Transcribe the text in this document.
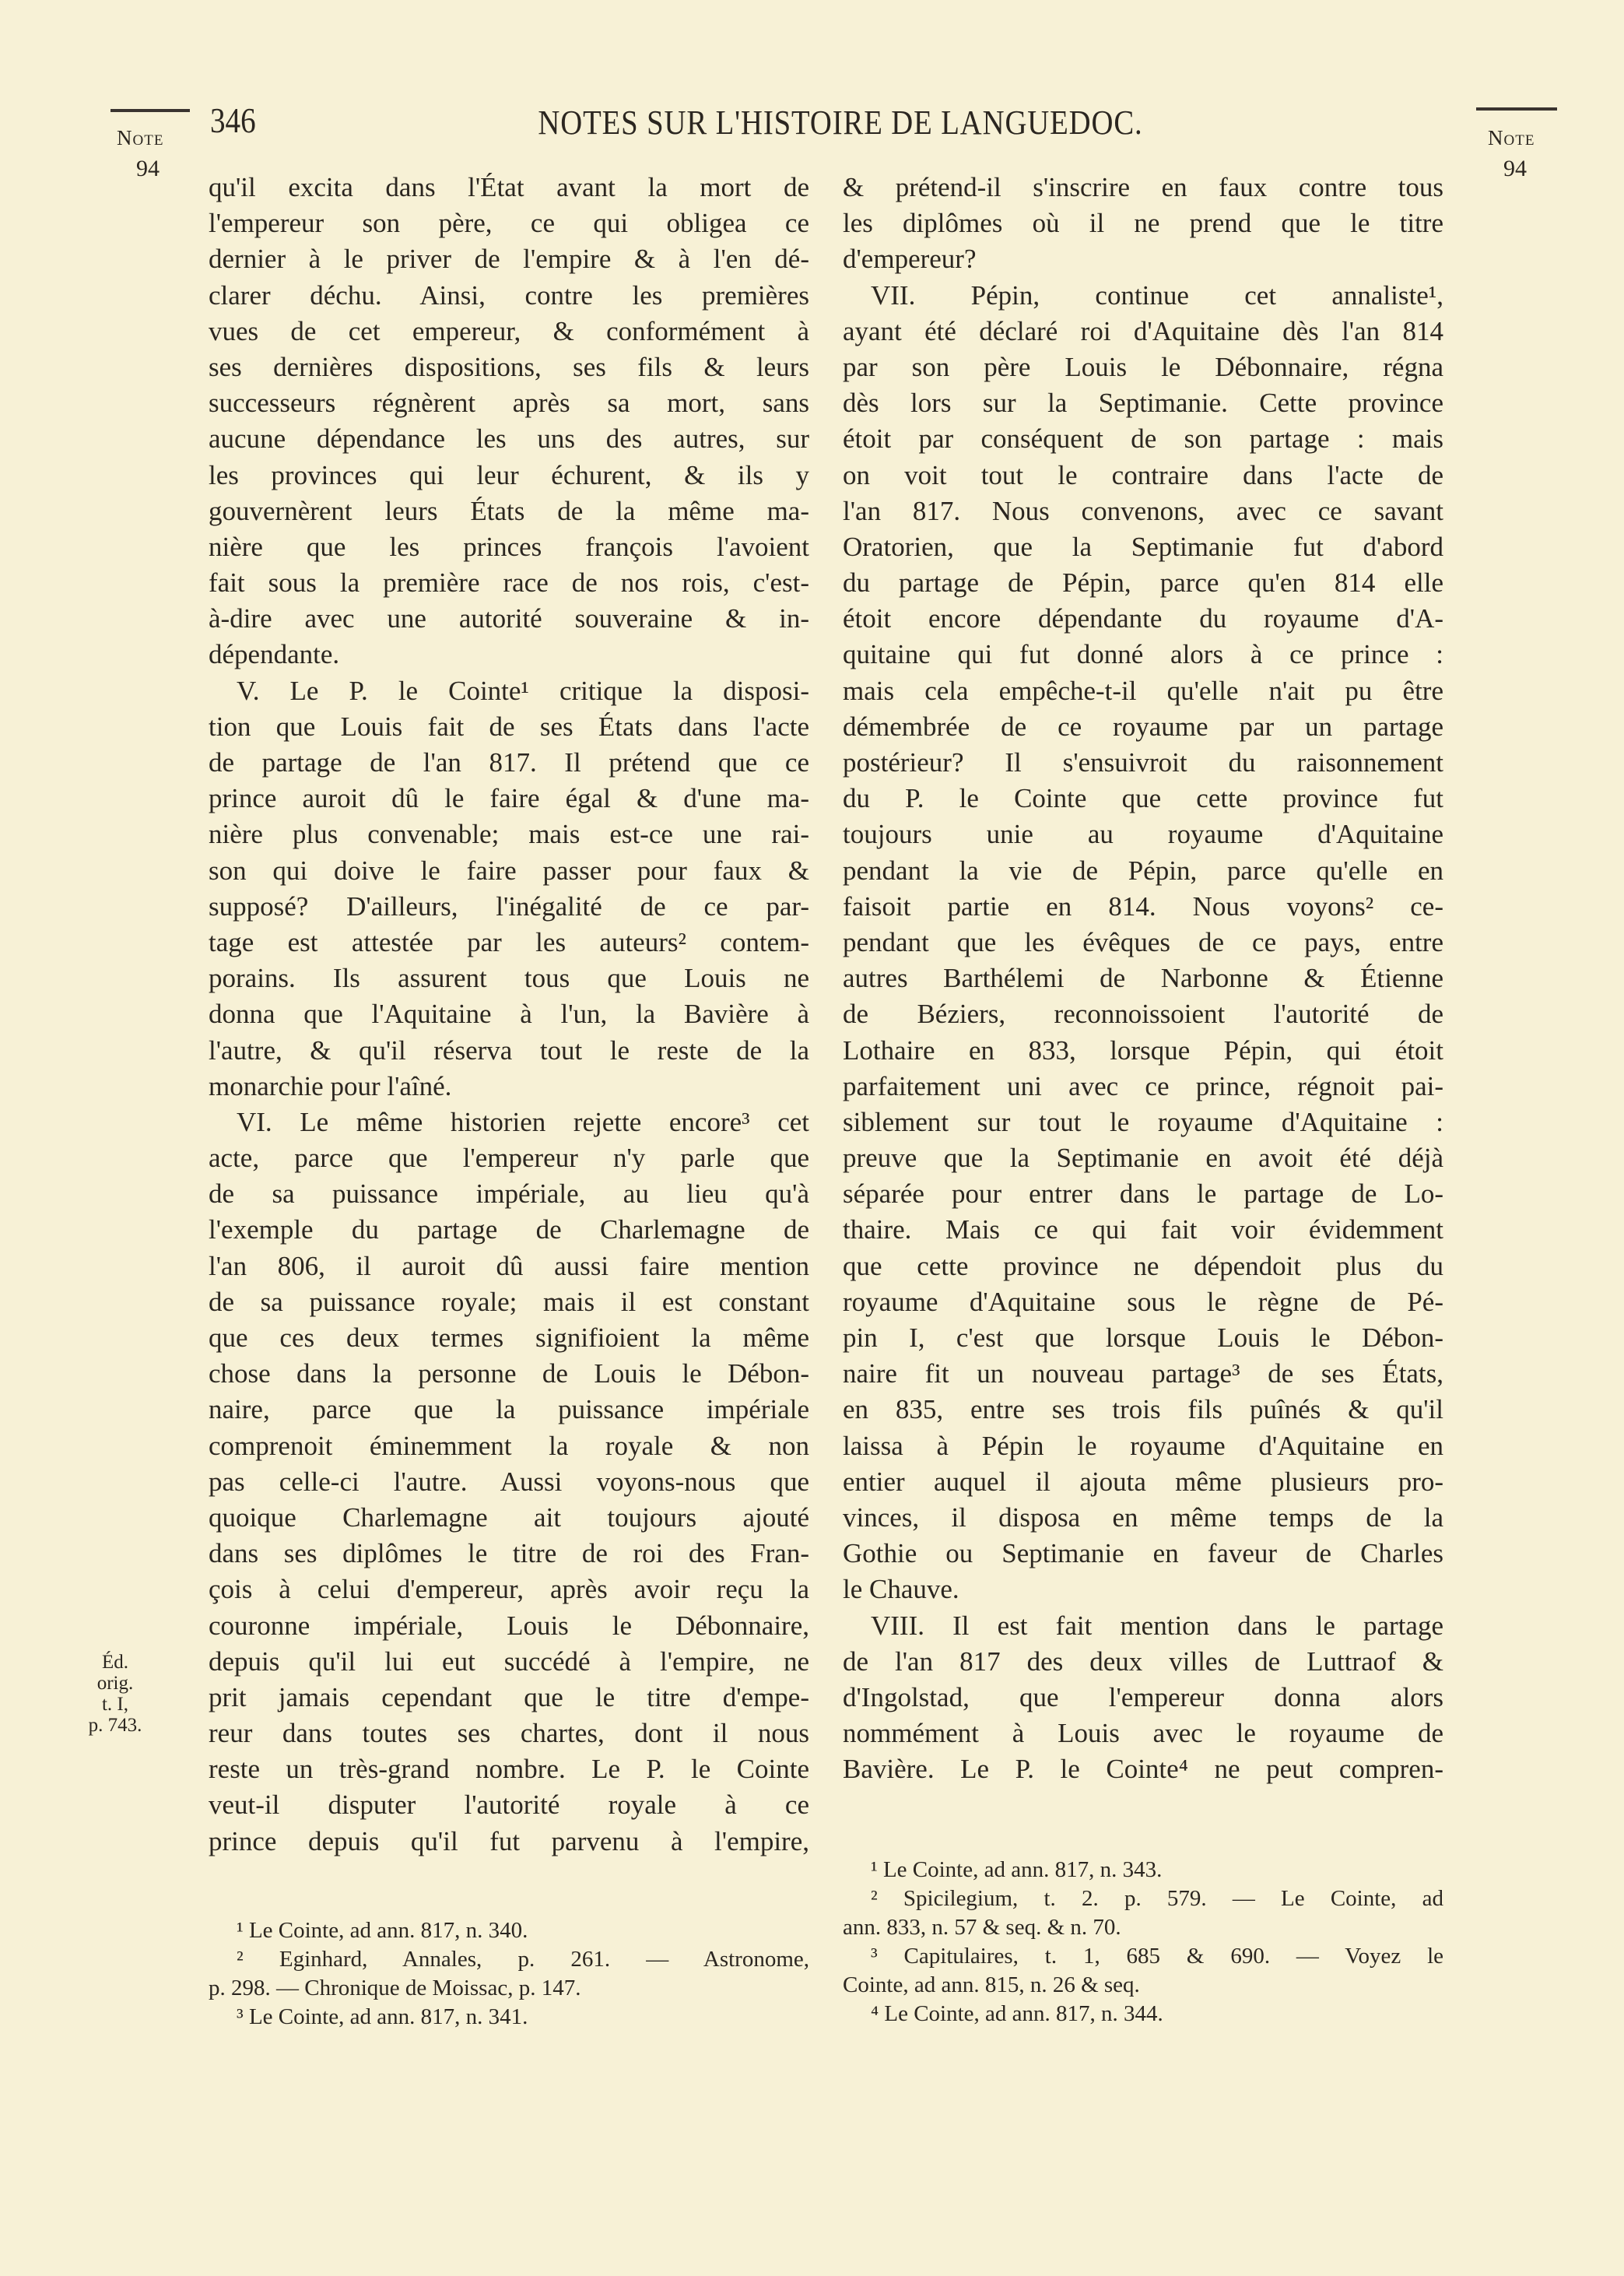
Note
94
346	NOTES SUR L'HISTOIRE DE LANGUEDOC.	Note
94
qu'il excita dans l'État avant la mort de
l'empereur son père, ce qui obligea ce
dernier à le priver de l'empire & à l'en dé-
clarer déchu. Ainsi, contre les premières
vues de cet empereur, & conformément à
ses dernières dispositions, ses fils & leurs
successeurs régnèrent après sa mort, sans
aucune dépendance les uns des autres, sur
les provinces qui leur échurent, & ils y
gouvernèrent leurs États de la même ma-
nière que les princes françois l'avoient
fait sous la première race de nos rois, c'est-
à-dire avec une autorité souveraine & in-
dépendante.
V. Le P. le Cointe¹ critique la disposi-
tion que Louis fait de ses États dans l'acte
de partage de l'an 817. Il prétend que ce
prince auroit dû le faire égal & d'une ma-
nière plus convenable; mais est-ce une rai-
son qui doive le faire passer pour faux &
supposé? D'ailleurs, l'inégalité de ce par-
tage est attestée par les auteurs² contem-
porains. Ils assurent tous que Louis ne
donna que l'Aquitaine à l'un, la Bavière à
l'autre, & qu'il réserva tout le reste de la
monarchie pour l'aîné.
VI. Le même historien rejette encore³ cet
acte, parce que l'empereur n'y parle que
de sa puissance impériale, au lieu qu'à
l'exemple du partage de Charlemagne de
l'an 806, il auroit dû aussi faire mention
de sa puissance royale; mais il est constant
que ces deux termes signifioient la même
chose dans la personne de Louis le Débon-
naire, parce que la puissance impériale
comprenoit éminemment la royale & non
pas celle-ci l'autre. Aussi voyons-nous que
quoique Charlemagne ait toujours ajouté
dans ses diplômes le titre de roi des Fran-
çois à celui d'empereur, après avoir reçu la
couronne impériale, Louis le Débonnaire,
depuis qu'il lui eut succédé à l'empire, ne
prit jamais cependant que le titre d'empe-
reur dans toutes ses chartes, dont il nous
reste un très-grand nombre. Le P. le Cointe
veut-il disputer l'autorité royale à ce
prince depuis qu'il fut parvenu à l'empire,
& prétend-il s'inscrire en faux contre tous
les diplômes où il ne prend que le titre
d'empereur?
VII. Pépin, continue cet annaliste¹,
ayant été déclaré roi d'Aquitaine dès l'an 814
par son père Louis le Débonnaire, régna
dès lors sur la Septimanie. Cette province
étoit par conséquent de son partage : mais
on voit tout le contraire dans l'acte de
l'an 817. Nous convenons, avec ce savant
Oratorien, que la Septimanie fut d'abord
du partage de Pépin, parce qu'en 814 elle
étoit encore dépendante du royaume d'A-
quitaine qui fut donné alors à ce prince :
mais cela empêche-t-il qu'elle n'ait pu être
démembrée de ce royaume par un partage
postérieur? Il s'ensuivroit du raisonnement
du P. le Cointe que cette province fut
toujours unie au royaume d'Aquitaine
pendant la vie de Pépin, parce qu'elle en
faisoit partie en 814. Nous voyons² ce-
pendant que les évêques de ce pays, entre
autres Barthélemi de Narbonne & Étienne
de Béziers, reconnoissoient l'autorité de
Lothaire en 833, lorsque Pépin, qui étoit
parfaitement uni avec ce prince, régnoit pai-
siblement sur tout le royaume d'Aquitaine :
preuve que la Septimanie en avoit été déjà
séparée pour entrer dans le partage de Lo-
thaire. Mais ce qui fait voir évidemment
que cette province ne dépendoit plus du
royaume d'Aquitaine sous le règne de Pé-
pin I, c'est que lorsque Louis le Débon-
naire fit un nouveau partage³ de ses États,
en 835, entre ses trois fils puînés & qu'il
laissa à Pépin le royaume d'Aquitaine en
entier auquel il ajouta même plusieurs pro-
vinces, il disposa en même temps de la
Gothie ou Septimanie en faveur de Charles
le Chauve.
VIII. Il est fait mention dans le partage
de l'an 817 des deux villes de Luttraof &
d'Ingolstad, que l'empereur donna alors
nommément à Louis avec le royaume de
Bavière. Le P. le Cointe⁴ ne peut compren-
Éd. orig.
t. I,
p. 743.
¹ Le Cointe, ad ann. 817, n. 340.
² Eginhard, Annales, p. 261. — Astronome,
p. 298. — Chronique de Moissac, p. 147.
³ Le Cointe, ad ann. 817, n. 341.
¹ Le Cointe, ad ann. 817, n. 343.
² Spicilegium, t. 2. p. 579. — Le Cointe, ad
ann. 833, n. 57 & seq. & n. 70.
³ Capitulaires, t. 1, 685 & 690. — Voyez le
Cointe, ad ann. 815, n. 26 & seq.
⁴ Le Cointe, ad ann. 817, n. 344.
